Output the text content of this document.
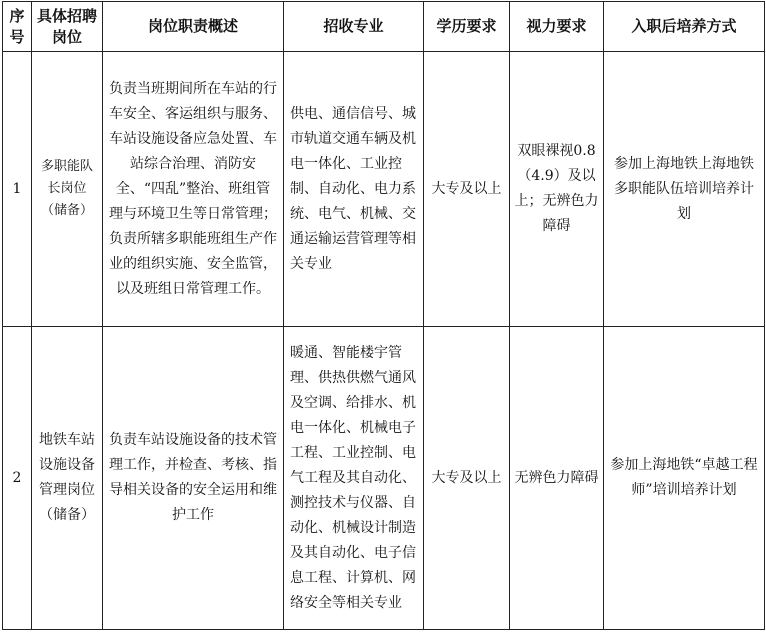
序号	具体招聘岗位	岗位职责概述	招收专业	学历要求	视力要求	入职后培养方式
1	多职能队长岗位（储备）	负责当班期间所在车站的行车安全、客运组织与服务、车站设施设备应急处置、车站综合治理、消防安全、“四乱”整治、班组管理与环境卫生等日常管理；负责所辖多职能班组生产作业的组织实施、安全监管，以及班组日常管理工作。	供电、通信信号、城市轨道交通车辆及机电一体化、工业控制、自动化、电力系统、电气、机械、交通运输运营管理等相关专业	大专及以上	双眼裸视0.8（4.9）及以上；无辨色力障碍	参加上海地铁上海地铁多职能队伍培训培养计划
2	地铁车站设施设备管理岗位（储备）	负责车站设施设备的技术管理工作，并检查、考核、指导相关设备的安全运用和维护工作	暖通、智能楼宇管理、供热供燃气通风及空调、给排水、机电一体化、机械电子工程、工业控制、电气工程及其自动化、测控技术与仪器、自动化、机械设计制造及其自动化、电子信息工程、计算机、网络安全等相关专业	大专及以上	无辨色力障碍	参加上海地铁“卓越工程师”培训培养计划
